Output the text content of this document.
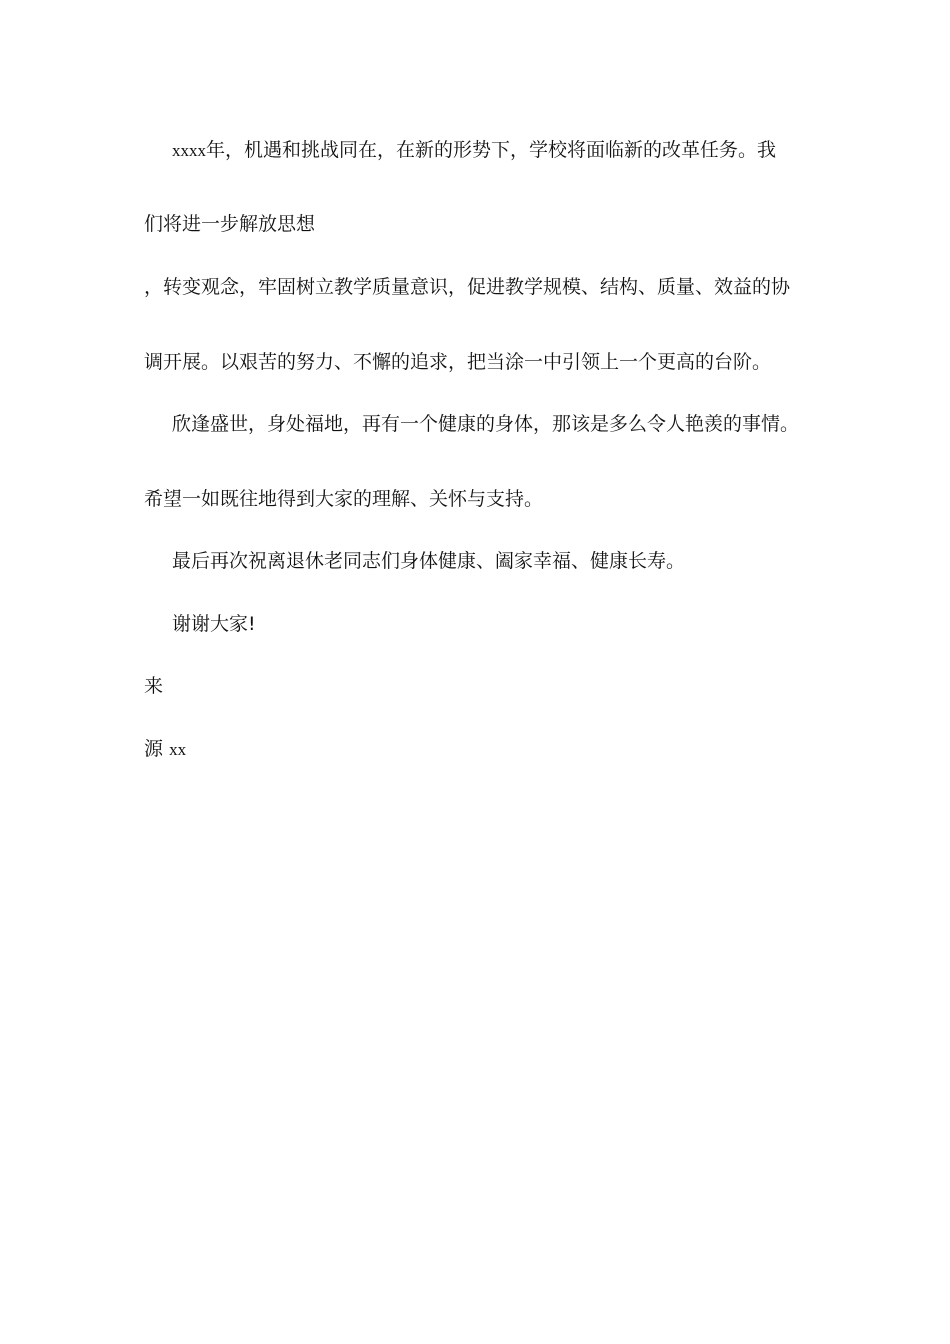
xxxx年，机遇和挑战同在，在新的形势下，学校将面临新的改革任务。我
们将进一步解放思想
，转变观念，牢固树立教学质量意识，促进教学规模、结构、质量、效益的协
调开展。以艰苦的努力、不懈的追求，把当涂一中引领上一个更高的台阶。
欣逢盛世，身处福地，再有一个健康的身体，那该是多么令人艳羡的事情。
希望一如既往地得到大家的理解、关怀与支持。
最后再次祝离退休老同志们身体健康、阖家幸福、健康长寿。
谢谢大家!
来
源 xx
